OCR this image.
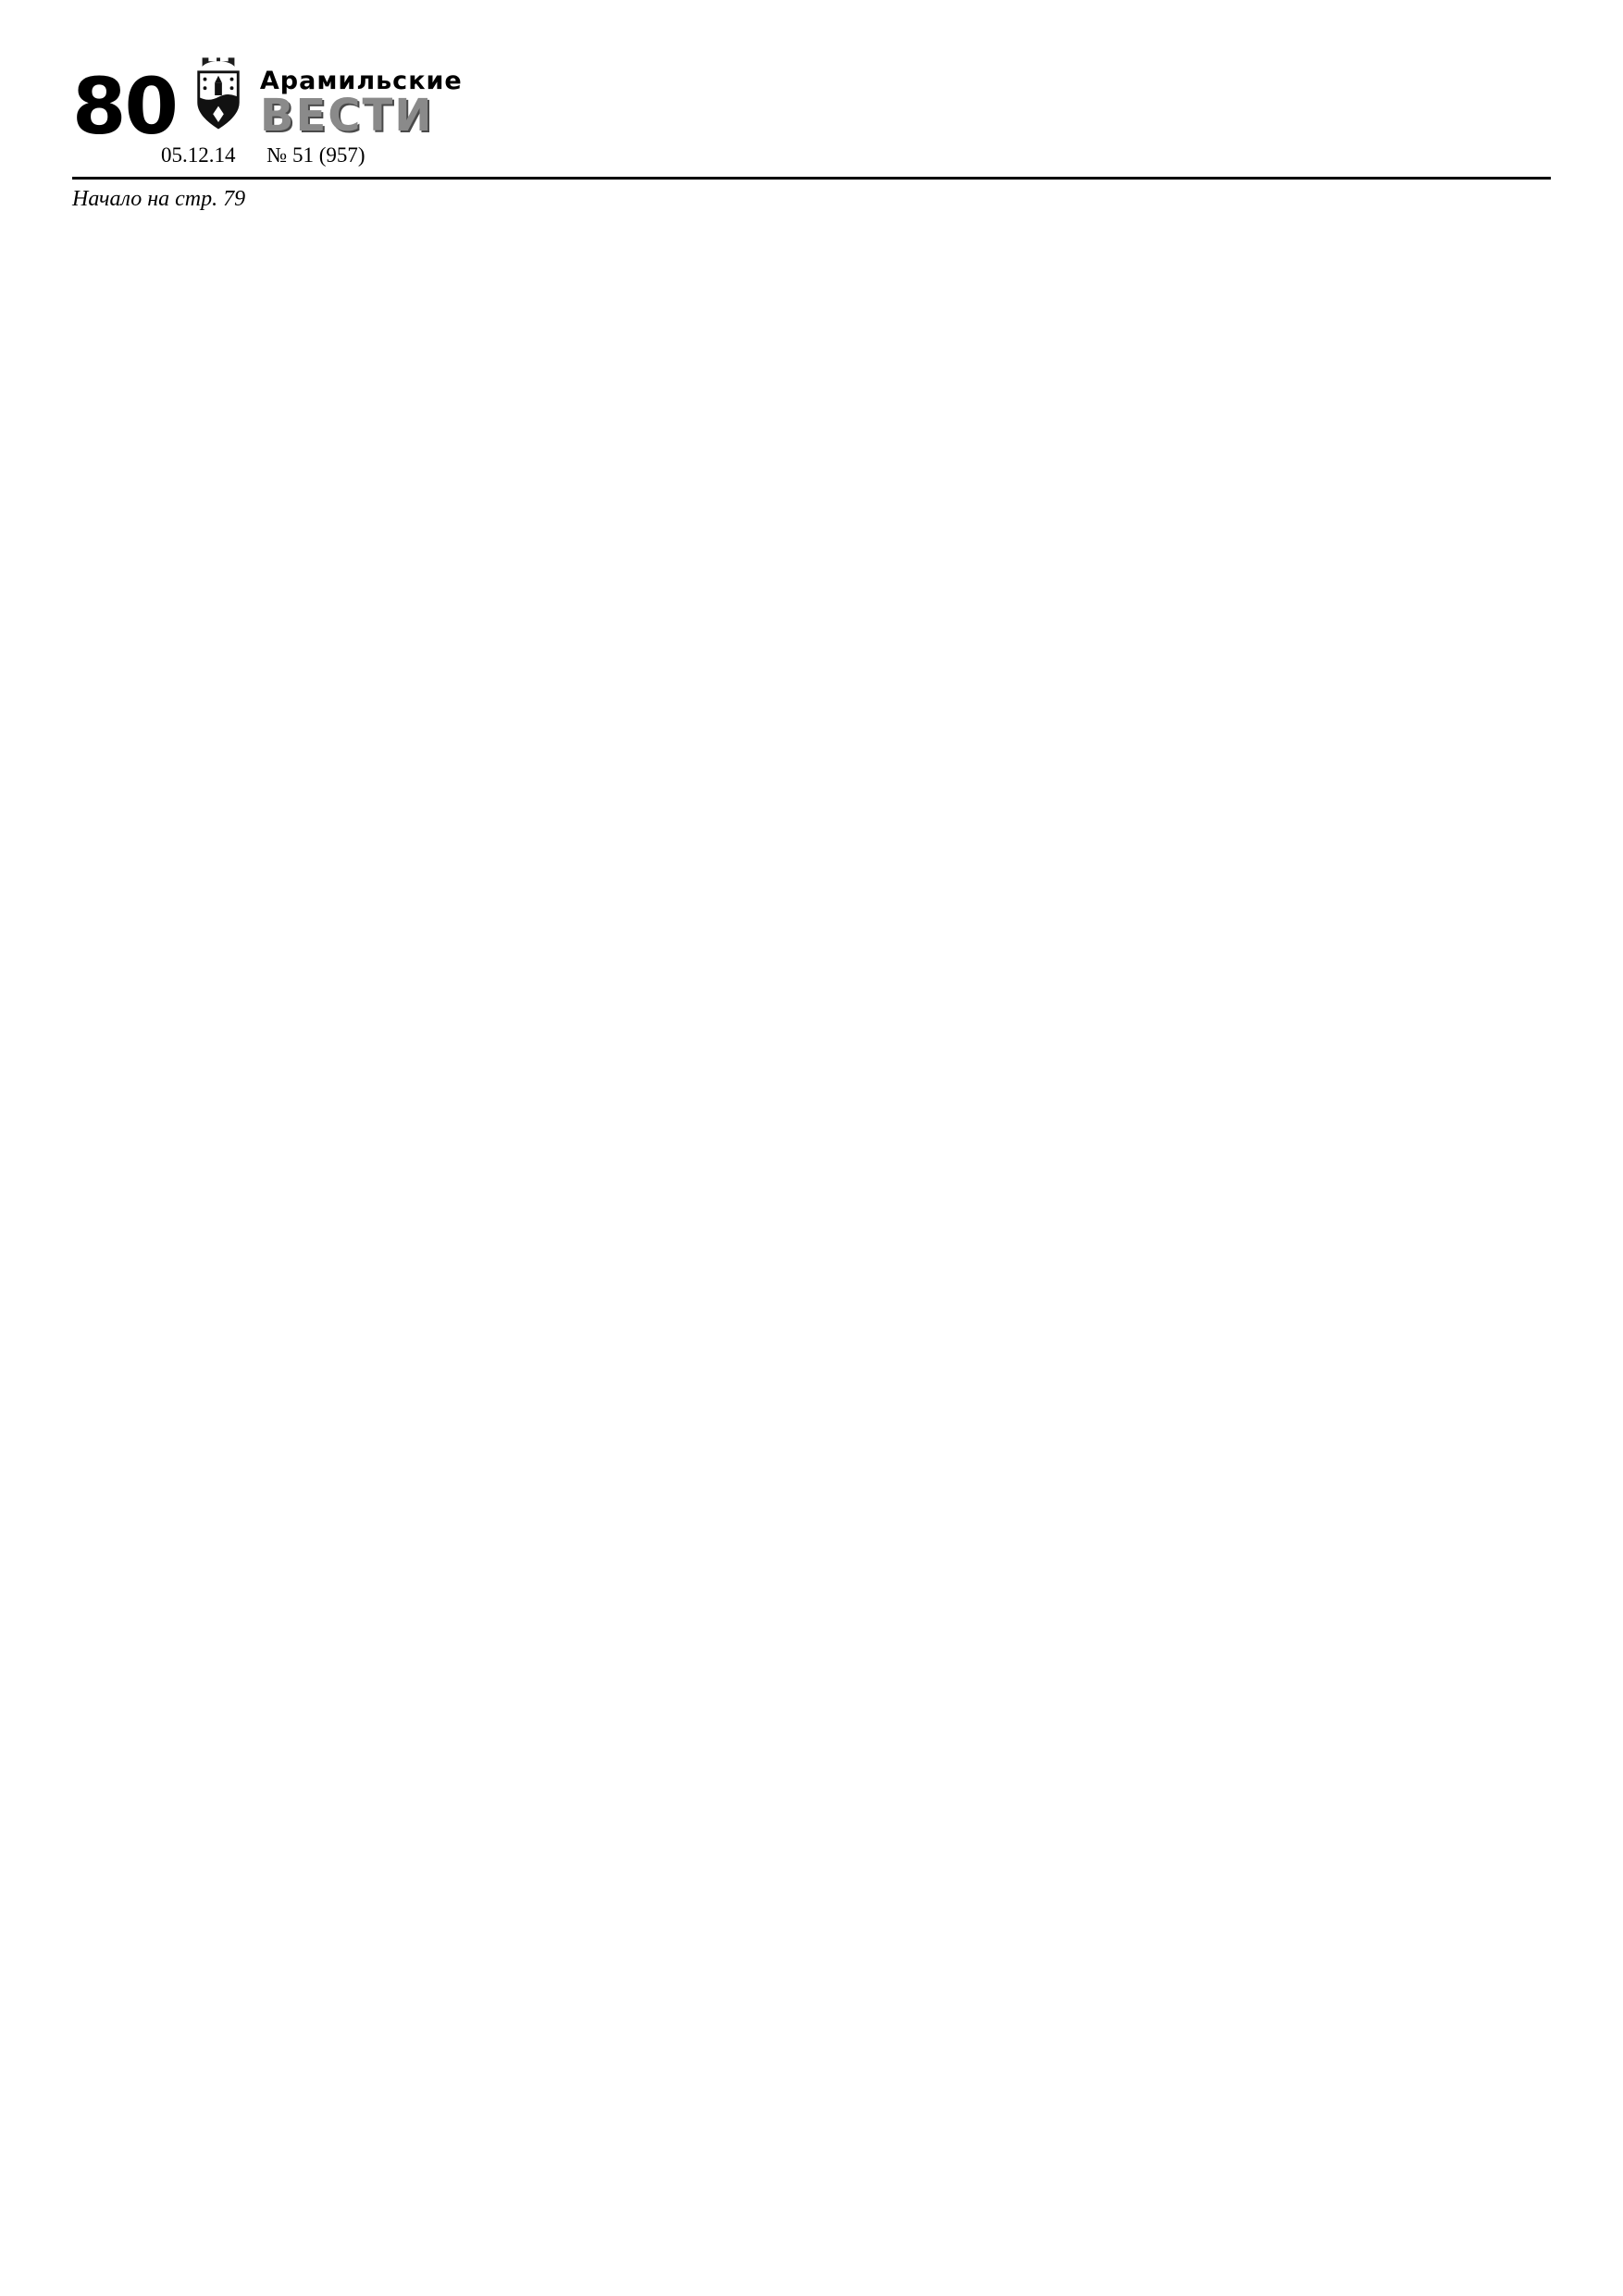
80	Арамильские
ВЕСТИ
05.12.14 № 51 (957)
Начало на стр. 79
